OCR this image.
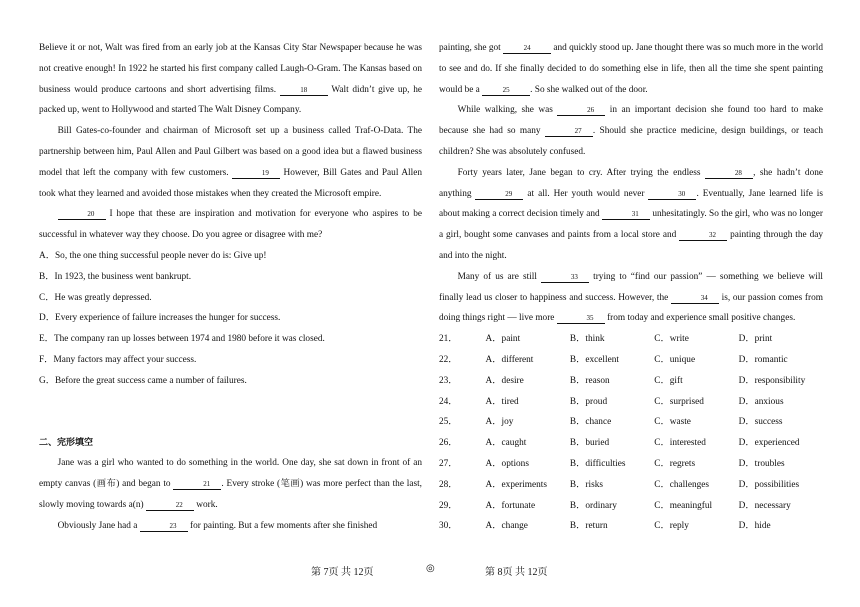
Believe it or not, Walt was fired from an early job at the Kansas City Star Newspaper because he was not creative enough! In 1922 he started his first company called Laugh-O-Gram. The Kansas based on business would produce cartoons and short advertising films.	18 Walt didn’t give up, he packed up, went to Hollywood and started The Walt Disney Company.

Bill Gates-co-founder and chairman of Microsoft set up a business called Traf-O-Data. The partnership between him, Paul Allen and Paul Gilbert was based on a good idea but a flawed business model that left the company with few customers.	19 However, Bill Gates and Paul Allen took what they learned and avoided those mistakes when they created the Microsoft empire.

20 I hope that these are inspiration and motivation for everyone who aspires to be successful in whatever way they choose. Do you agree or disagree with me?

A．So, the one thing successful people never do is: Give up!

B．In 1923, the business went bankrupt.

C．He was greatly depressed.

D．Every experience of failure increases the hunger for success.

E．The company ran up losses between 1974 and 1980 before it was closed.

F．Many factors may affect your success.

G．Before the great success came a number of failures.

二、完形填空

Jane was a girl who wanted to do something in the world. One day, she sat down in front of an empty canvas (画布) and began to	21 . Every stroke (笔画) was more perfect than the last, slowly moving towards a(n)	22 work.

Obviously Jane had a	23 for painting. But a few moments after she finished

painting, she got	24 and quickly stood up. Jane thought there was so much more in the world to see and do. If she finally decided to do something else in life, then all the time she spent painting would be a	25 . So she walked out of the door.

While walking, she was	26 in an important decision she found too hard to make because she had so many	27 . Should she practice medicine, design buildings, or teach children? She was absolutely confused.

Forty years later, Jane began to cry. After trying the endless	28 , she hadn’t done anything	29 at all. Her youth would never	30 . Eventually, Jane learned life is about making a correct decision timely and	31 unhesitatingly. So the girl, who was no longer a girl, bought some canvases and paints from a local store and	32 painting through the day and into the night.

Many of us are still	33 trying to “find our passion” — something we believe will finally lead us closer to happiness and success. However, the	34 is, our passion comes from doing things right — live more	35 from today and experience small positive changes.

21．	A．paint	B．think	C．write	D．print
22．	A．different	B．excellent	C．unique	D．romantic
23．	A．desire	B．reason	C．gift	D．responsibility
24．	A．tired	B．proud	C．surprised	D．anxious
25．	A．joy	B．chance	C．waste	D．success
26．	A．caught	B．buried	C．interested	D．experienced
27．	A．options	B．difficulties	C．regrets	D．troubles
28．	A．experiments	B．risks	C．challenges	D．possibilities
29．	A．fortunate	B．ordinary	C．meaningful	D．necessary
30．	A．change	B．return	C．reply	D．hide
第 7页 共 12页	◎	第 8页 共 12页
